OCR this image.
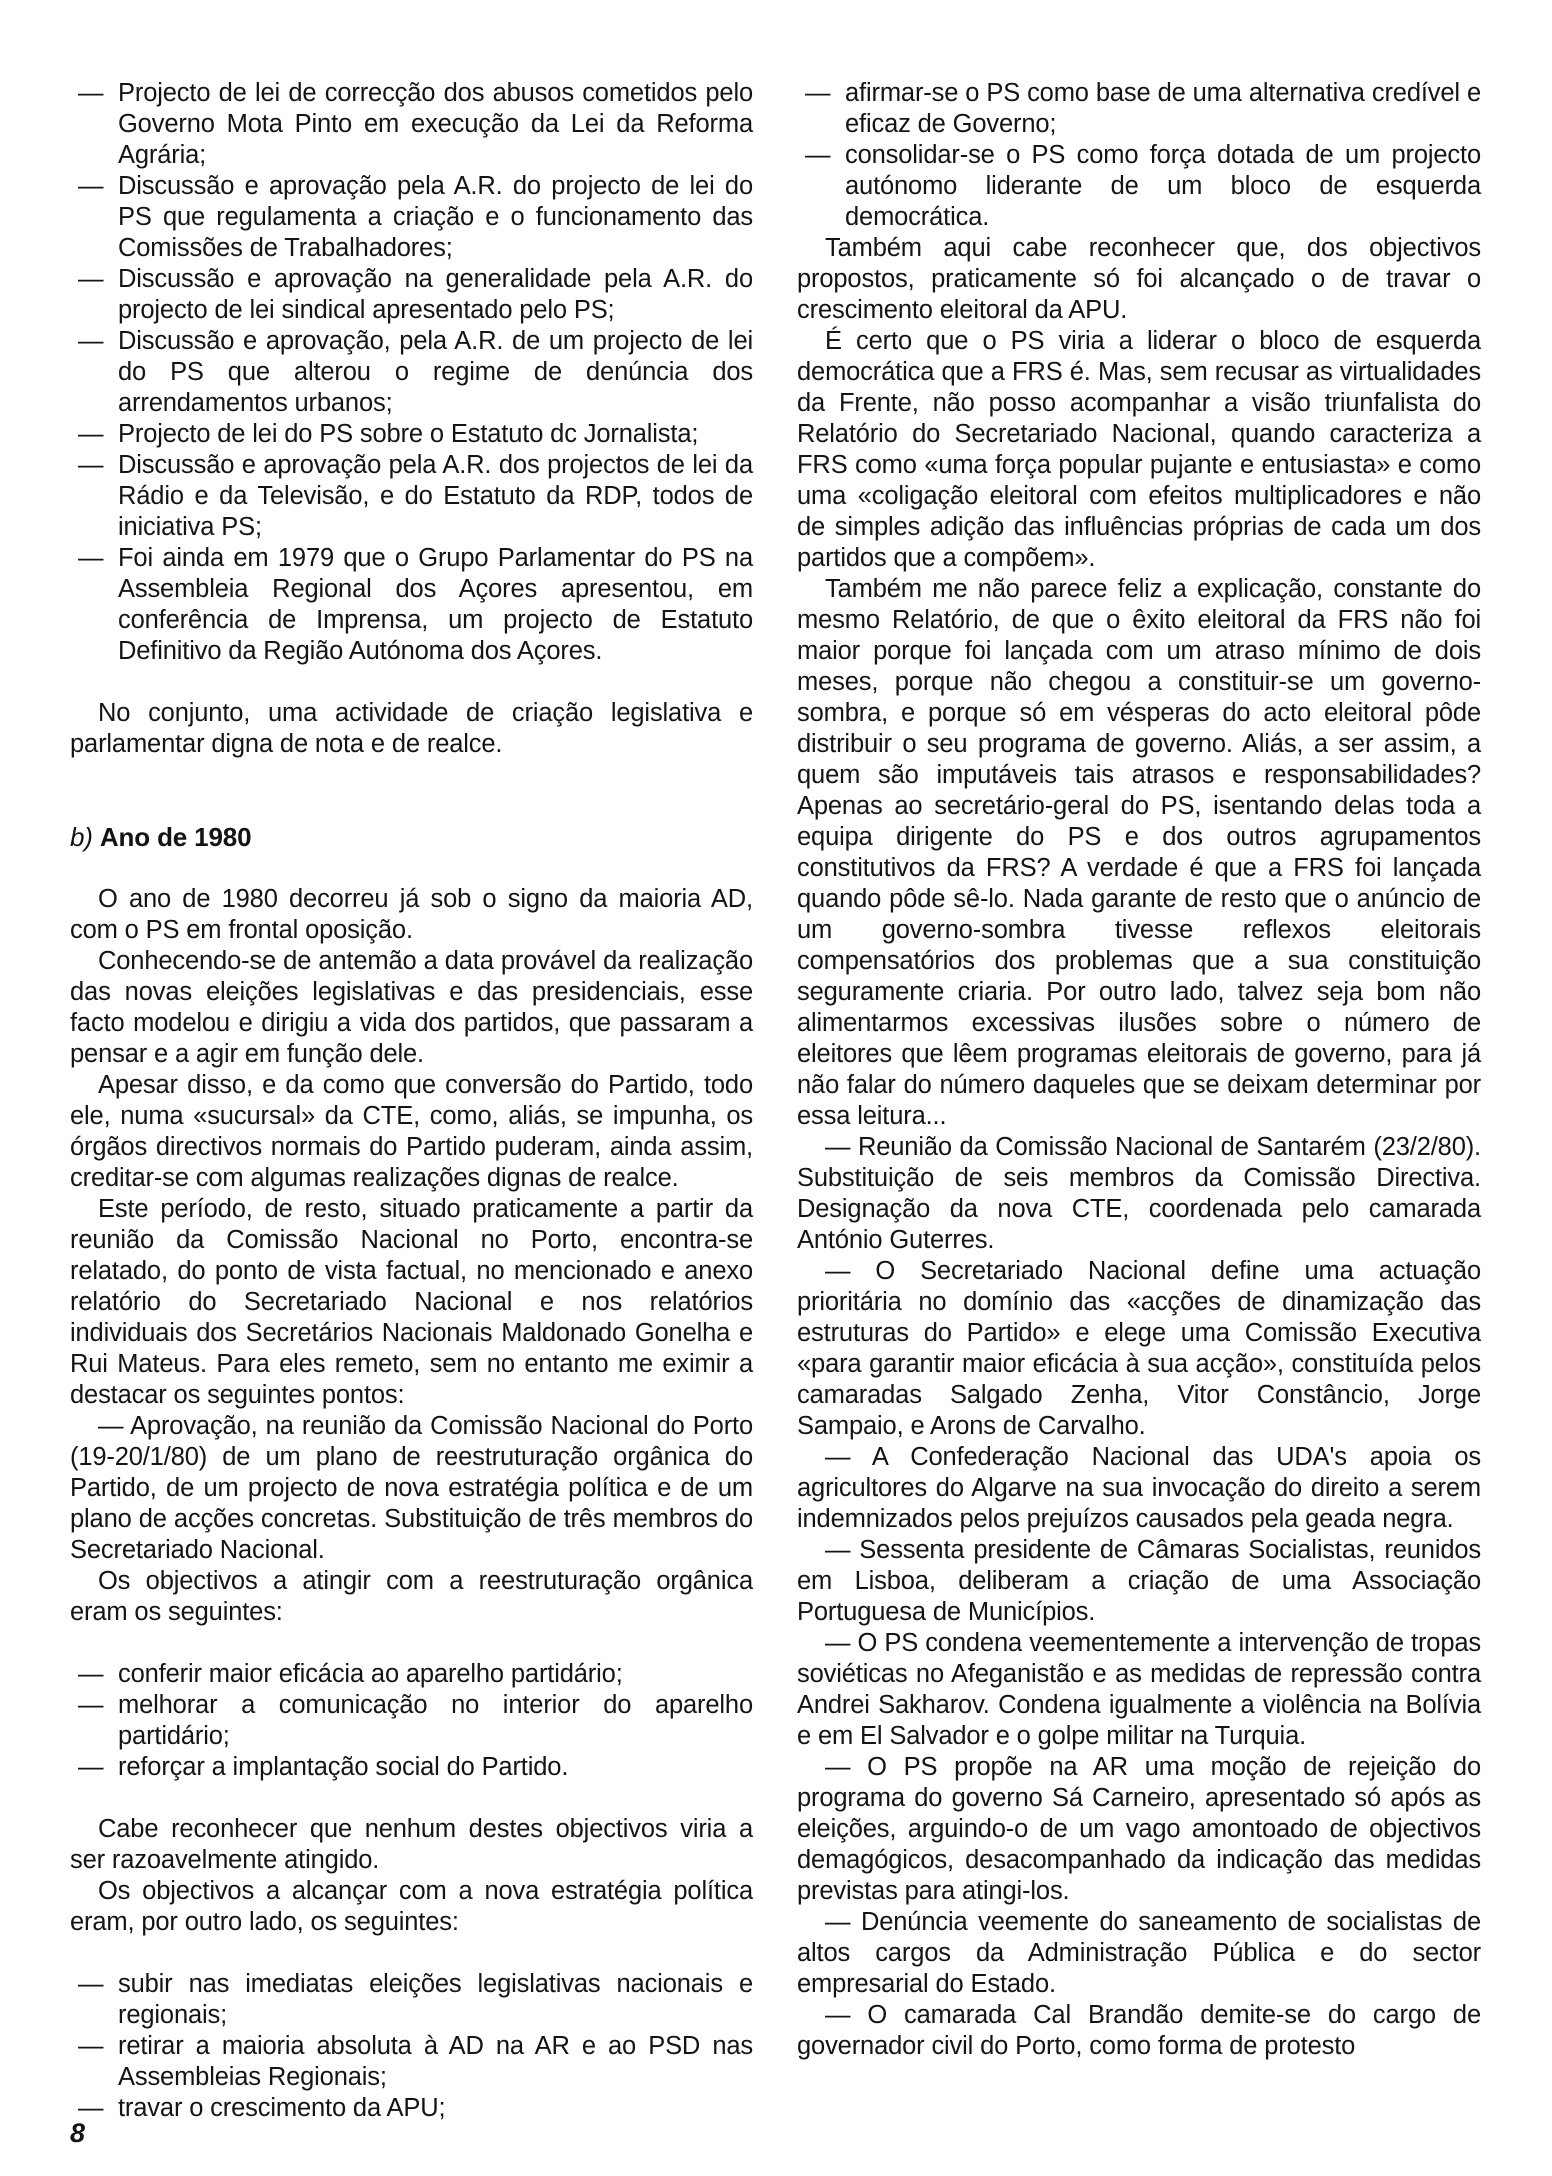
— Projecto de lei de correcção dos abusos cometidos pelo Governo Mota Pinto em execução da Lei da Reforma Agrária;

— Discussão e aprovação pela A.R. do projecto de lei do PS que regulamenta a criação e o funcionamento das Comissões de Trabalhadores;

— Discussão e aprovação na generalidade pela A.R. do projecto de lei sindical apresentado pelo PS;

— Discussão e aprovação, pela A.R. de um projecto de lei do PS que alterou o regime de denúncia dos arrendamentos urbanos;

— Projecto de lei do PS sobre o Estatuto dc Jornalista;

— Discussão e aprovação pela A.R. dos projectos de lei da Rádio e da Televisão, e do Estatuto da RDP, todos de iniciativa PS;

— Foi ainda em 1979 que o Grupo Parlamentar do PS na Assembleia Regional dos Açores apresentou, em conferência de Imprensa, um projecto de Estatuto Definitivo da Região Autónoma dos Açores.

No conjunto, uma actividade de criação legislativa e parlamentar digna de nota e de realce.

b) Ano de 1980

O ano de 1980 decorreu já sob o signo da maioria AD, com o PS em frontal oposição.

Conhecendo-se de antemão a data provável da realização das novas eleições legislativas e das presidenciais, esse facto modelou e dirigiu a vida dos partidos, que passaram a pensar e a agir em função dele.

Apesar disso, e da como que conversão do Partido, todo ele, numa «sucursal» da CTE, como, aliás, se impunha, os órgãos directivos normais do Partido puderam, ainda assim, creditar-se com algumas realizações dignas de realce.

Este período, de resto, situado praticamente a partir da reunião da Comissão Nacional no Porto, encontra-se relatado, do ponto de vista factual, no mencionado e anexo relatório do Secretariado Nacional e nos relatórios individuais dos Secretários Nacionais Maldonado Gonelha e Rui Mateus. Para eles remeto, sem no entanto me eximir a destacar os seguintes pontos:

— Aprovação, na reunião da Comissão Nacional do Porto (19-20/1/80) de um plano de reestruturação orgânica do Partido, de um projecto de nova estratégia política e de um plano de acções concretas. Substituição de três membros do Secretariado Nacional.

Os objectivos a atingir com a reestruturação orgânica eram os seguintes:

— conferir maior eficácia ao aparelho partidário;

— melhorar a comunicação no interior do aparelho partidário;

— reforçar a implantação social do Partido.

Cabe reconhecer que nenhum destes objectivos viria a ser razoavelmente atingido.

Os objectivos a alcançar com a nova estratégia política eram, por outro lado, os seguintes:

— subir nas imediatas eleições legislativas nacionais e regionais;

— retirar a maioria absoluta à AD na AR e ao PSD nas Assembleias Regionais;

— travar o crescimento da APU;

— afirmar-se o PS como base de uma alternativa credível e eficaz de Governo;

— consolidar-se o PS como força dotada de um projecto autónomo liderante de um bloco de esquerda democrática.

Também aqui cabe reconhecer que, dos objectivos propostos, praticamente só foi alcançado o de travar o crescimento eleitoral da APU.

É certo que o PS viria a liderar o bloco de esquerda democrática que a FRS é. Mas, sem recusar as virtualidades da Frente, não posso acompanhar a visão triunfalista do Relatório do Secretariado Nacional, quando caracteriza a FRS como «uma força popular pujante e entusiasta» e como uma «coligação eleitoral com efeitos multiplicadores e não de simples adição das influências próprias de cada um dos partidos que a compõem».

Também me não parece feliz a explicação, constante do mesmo Relatório, de que o êxito eleitoral da FRS não foi maior porque foi lançada com um atraso mínimo de dois meses, porque não chegou a constituir-se um governo-sombra, e porque só em vésperas do acto eleitoral pôde distribuir o seu programa de governo. Aliás, a ser assim, a quem são imputáveis tais atrasos e responsabilidades? Apenas ao secretário-geral do PS, isentando delas toda a equipa dirigente do PS e dos outros agrupamentos constitutivos da FRS? A verdade é que a FRS foi lançada quando pôde sê-lo. Nada garante de resto que o anúncio de um governo-sombra tivesse reflexos eleitorais compensatórios dos problemas que a sua constituição seguramente criaria. Por outro lado, talvez seja bom não alimentarmos excessivas ilusões sobre o número de eleitores que lêem programas eleitorais de governo, para já não falar do número daqueles que se deixam determinar por essa leitura...

— Reunião da Comissão Nacional de Santarém (23/2/80). Substituição de seis membros da Comissão Directiva. Designação da nova CTE, coordenada pelo camarada António Guterres.

— O Secretariado Nacional define uma actuação prioritária no domínio das «acções de dinamização das estruturas do Partido» e elege uma Comissão Executiva «para garantir maior eficácia à sua acção», constituída pelos camaradas Salgado Zenha, Vitor Constâncio, Jorge Sampaio, e Arons de Carvalho.

— A Confederação Nacional das UDA's apoia os agricultores do Algarve na sua invocação do direito a serem indemnizados pelos prejuízos causados pela geada negra.

— Sessenta presidente de Câmaras Socialistas, reunidos em Lisboa, deliberam a criação de uma Associação Portuguesa de Municípios.

— O PS condena veementemente a intervenção de tropas soviéticas no Afeganistão e as medidas de repressão contra Andrei Sakharov. Condena igualmente a violência na Bolívia e em El Salvador e o golpe militar na Turquia.

— O PS propõe na AR uma moção de rejeição do programa do governo Sá Carneiro, apresentado só após as eleições, arguindo-o de um vago amontoado de objectivos demagógicos, desacompanhado da indicação das medidas previstas para atingi-los.

— Denúncia veemente do saneamento de socialistas de altos cargos da Administração Pública e do sector empresarial do Estado.

— O camarada Cal Brandão demite-se do cargo de governador civil do Porto, como forma de protesto

8
